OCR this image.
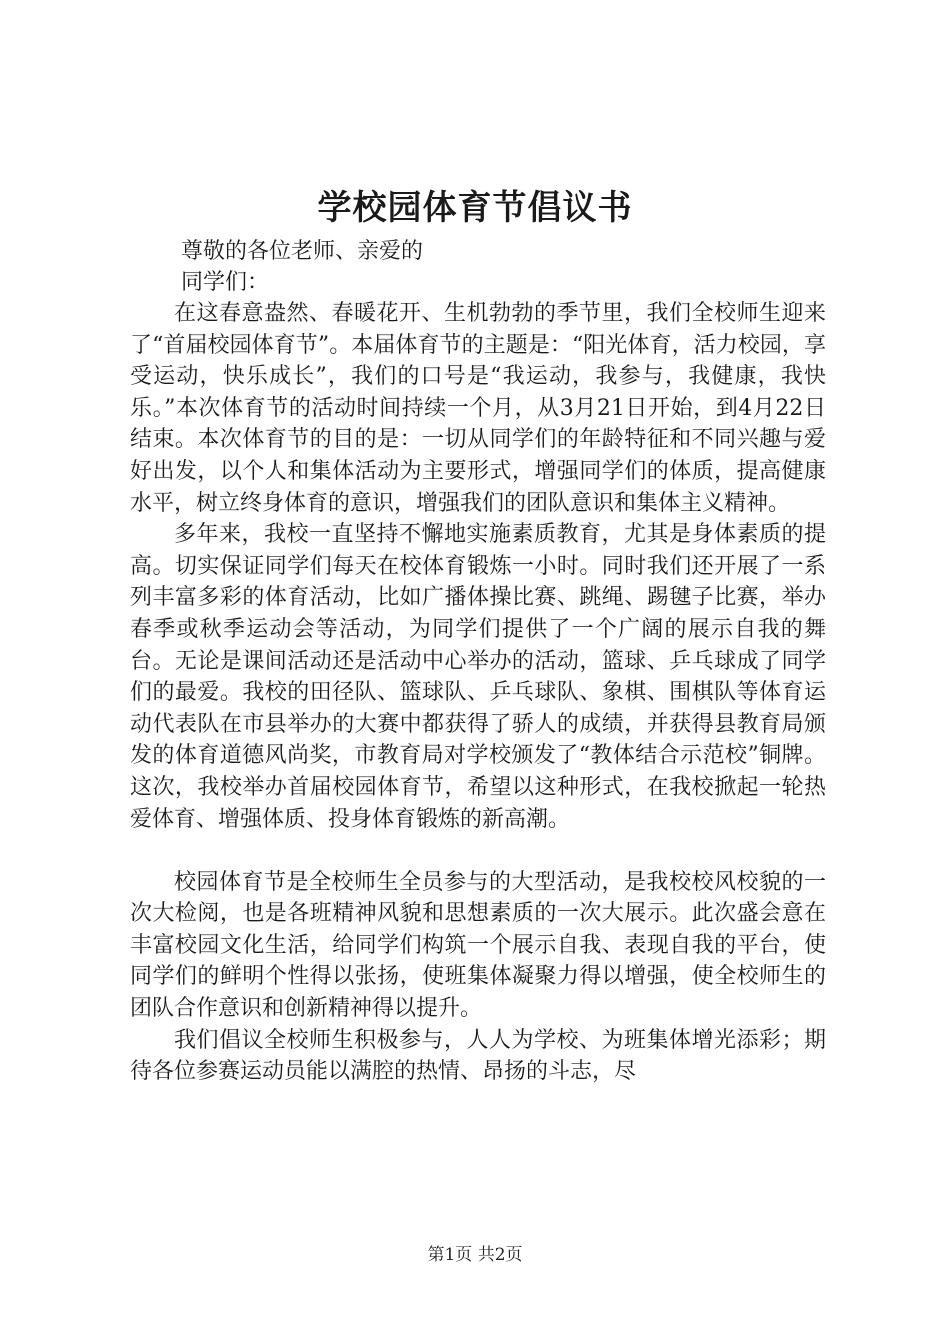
学校园体育节倡议书
尊敬的各位老师、亲爱的
同学们：

在这春意盎然、春暖花开、生机勃勃的季节里，我们全校师生迎来了“首届校园体育节”。本届体育节的主题是：“阳光体育，活力校园，享受运动，快乐成长”，我们的口号是“我运动，我参与，我健康，我快乐。”本次体育节的活动时间持续一个月，从3月21日开始，到4月22日结束。本次体育节的目的是：一切从同学们的年龄特征和不同兴趣与爱好出发，以个人和集体活动为主要形式，增强同学们的体质，提高健康水平，树立终身体育的意识，增强我们的团队意识和集体主义精神。

多年来，我校一直坚持不懈地实施素质教育，尤其是身体素质的提高。切实保证同学们每天在校体育锻炼一小时。同时我们还开展了一系列丰富多彩的体育活动，比如广播体操比赛、跳绳、踢毽子比赛，举办春季或秋季运动会等活动，为同学们提供了一个广阔的展示自我的舞台。无论是课间活动还是活动中心举办的活动，篮球、乒乓球成了同学们的最爱。我校的田径队、篮球队、乒乓球队、象棋、围棋队等体育运动代表队在市县举办的大赛中都获得了骄人的成绩，并获得县教育局颁发的体育道德风尚奖，市教育局对学校颁发了“教体结合示范校”铜牌。这次，我校举办首届校园体育节，希望以这种形式，在我校掀起一轮热爱体育、增强体质、投身体育锻炼的新高潮。

校园体育节是全校师生全员参与的大型活动，是我校校风校貌的一次大检阅，也是各班精神风貌和思想素质的一次大展示。此次盛会意在丰富校园文化生活，给同学们构筑一个展示自我、表现自我的平台，使同学们的鲜明个性得以张扬，使班集体凝聚力得以增强，使全校师生的团队合作意识和创新精神得以提升。

我们倡议全校师生积极参与，人人为学校、为班集体增光添彩；期待各位参赛运动员能以满腔的热情、昂扬的斗志，尽

第1页 共2页
